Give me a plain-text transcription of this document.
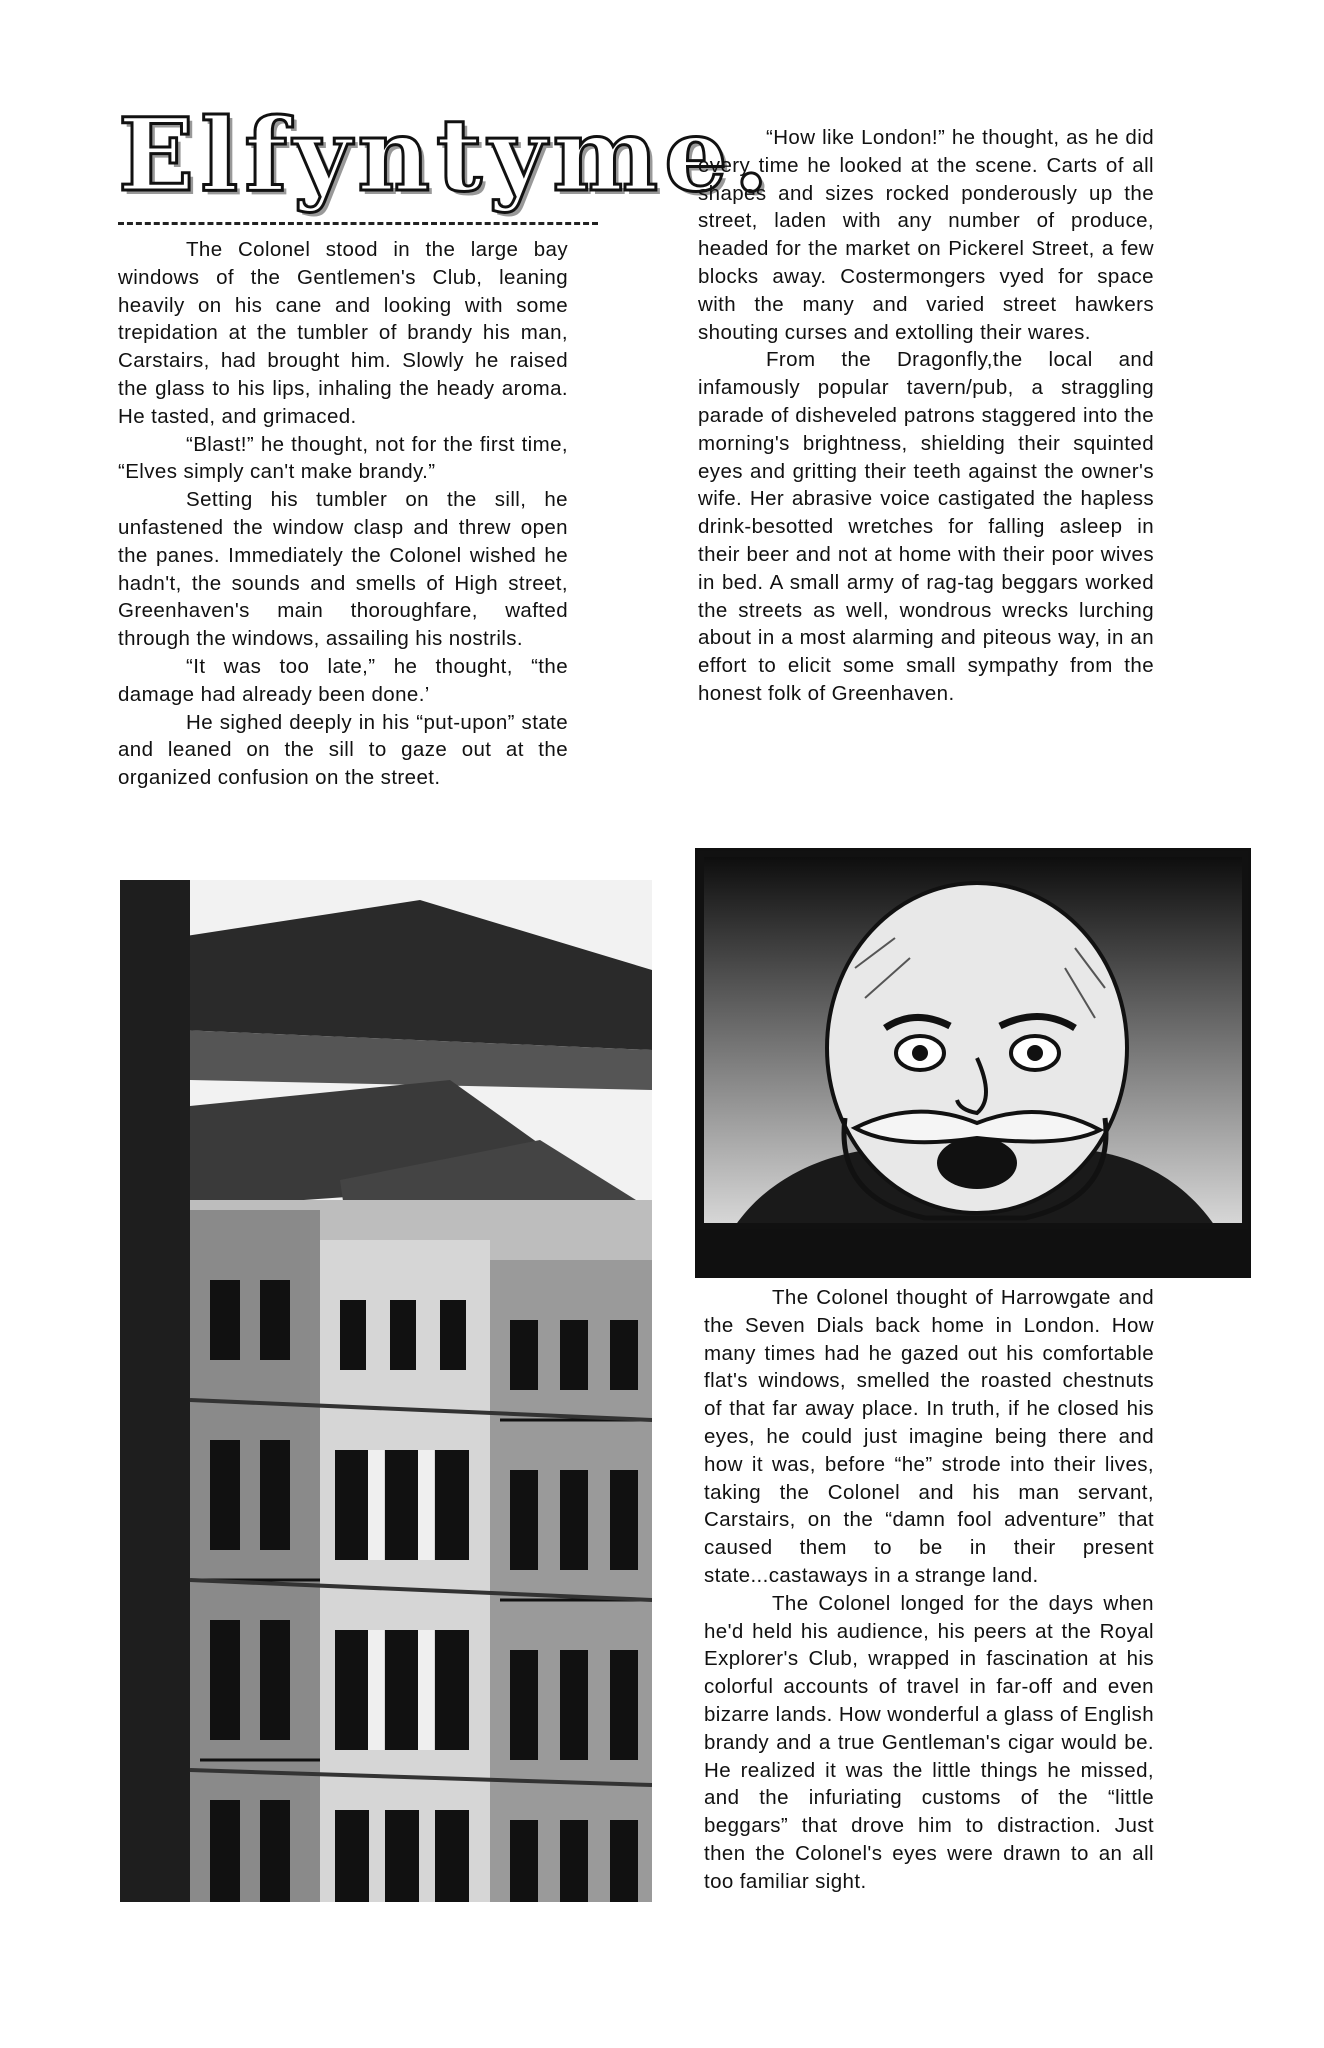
Elfyntyme.

The Colonel stood in the large bay windows of the Gentlemen's Club, leaning heavily on his cane and looking with some trepidation at the tumbler of brandy his man, Carstairs, had brought him. Slowly he raised the glass to his lips, inhaling the heady aroma. He tasted, and grimaced.

“Blast!” he thought, not for the first time, “Elves simply can't make brandy.”

Setting his tumbler on the sill, he unfastened the window clasp and threw open the panes. Immediately the Colonel wished he hadn't, the sounds and smells of High street, Greenhaven's main thoroughfare, wafted through the windows, assailing his nostrils.

“It was too late,” he thought, “the damage had already been done.’

He sighed deeply in his “put-upon” state and leaned on the sill to gaze out at the organized confusion on the street.

“How like London!” he thought, as he did every time he looked at the scene. Carts of all shapes and sizes rocked ponderously up the street, laden with any number of produce, headed for the market on Pickerel Street, a few blocks away. Costermongers vyed for space with the many and varied street hawkers shouting curses and extolling their wares.

From the Dragonfly,the local and infamously popular tavern/pub, a straggling parade of disheveled patrons staggered into the morning's brightness, shielding their squinted eyes and gritting their teeth against the owner's wife. Her abrasive voice castigated the hapless drink-besotted wretches for falling asleep in their beer and not at home with their poor wives in bed. A small army of rag-tag beggars worked the streets as well, wondrous wrecks lurching about in a most alarming and piteous way, in an effort to elicit some small sympathy from the honest folk of Greenhaven.

The Colonel thought of Harrowgate and the Seven Dials back home in London. How many times had he gazed out his comfortable flat's windows, smelled the roasted chestnuts of that far away place. In truth, if he closed his eyes, he could just imagine being there and how it was, before “he” strode into their lives, taking the Colonel and his man servant, Carstairs, on the “damn fool adventure” that caused them to be in their present state...castaways in a strange land.

The Colonel longed for the days when he'd held his audience, his peers at the Royal Explorer's Club, wrapped in fascination at his colorful accounts of travel in far-off and even bizarre lands. How wonderful a glass of English brandy and a true Gentleman's cigar would be. He realized it was the little things he missed, and the infuriating customs of the “little beggars” that drove him to distraction. Just then the Colonel's eyes were drawn to an all too familiar sight.
